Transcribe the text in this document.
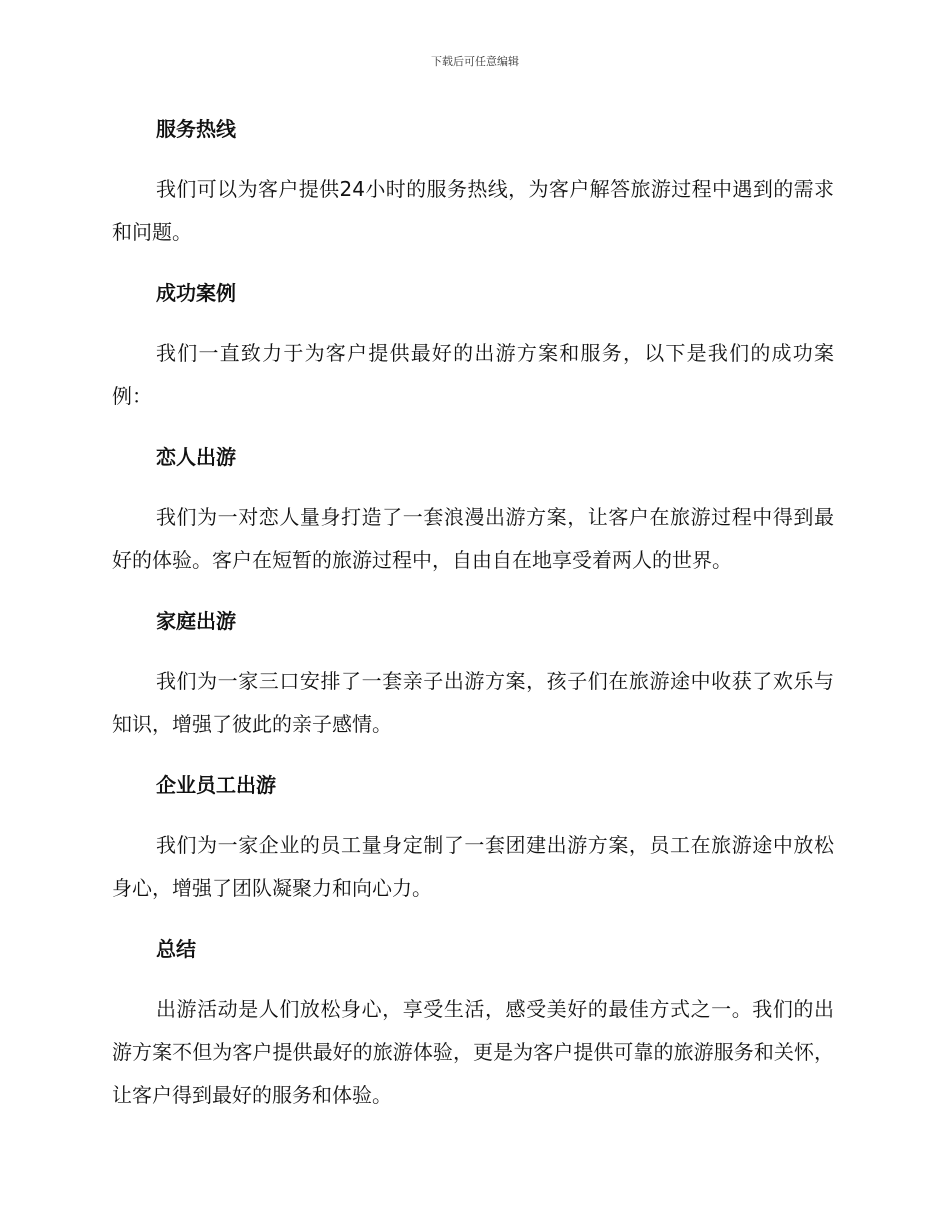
下载后可任意编辑
服务热线

我们可以为客户提供24小时的服务热线，为客户解答旅游过程中遇到的需求和问题。

成功案例

我们一直致力于为客户提供最好的出游方案和服务，以下是我们的成功案例：

恋人出游

我们为一对恋人量身打造了一套浪漫出游方案，让客户在旅游过程中得到最好的体验。客户在短暂的旅游过程中，自由自在地享受着两人的世界。

家庭出游

我们为一家三口安排了一套亲子出游方案，孩子们在旅游途中收获了欢乐与知识，增强了彼此的亲子感情。

企业员工出游

我们为一家企业的员工量身定制了一套团建出游方案，员工在旅游途中放松身心，增强了团队凝聚力和向心力。

总结

出游活动是人们放松身心，享受生活，感受美好的最佳方式之一。我们的出游方案不但为客户提供最好的旅游体验，更是为客户提供可靠的旅游服务和关怀，让客户得到最好的服务和体验。
